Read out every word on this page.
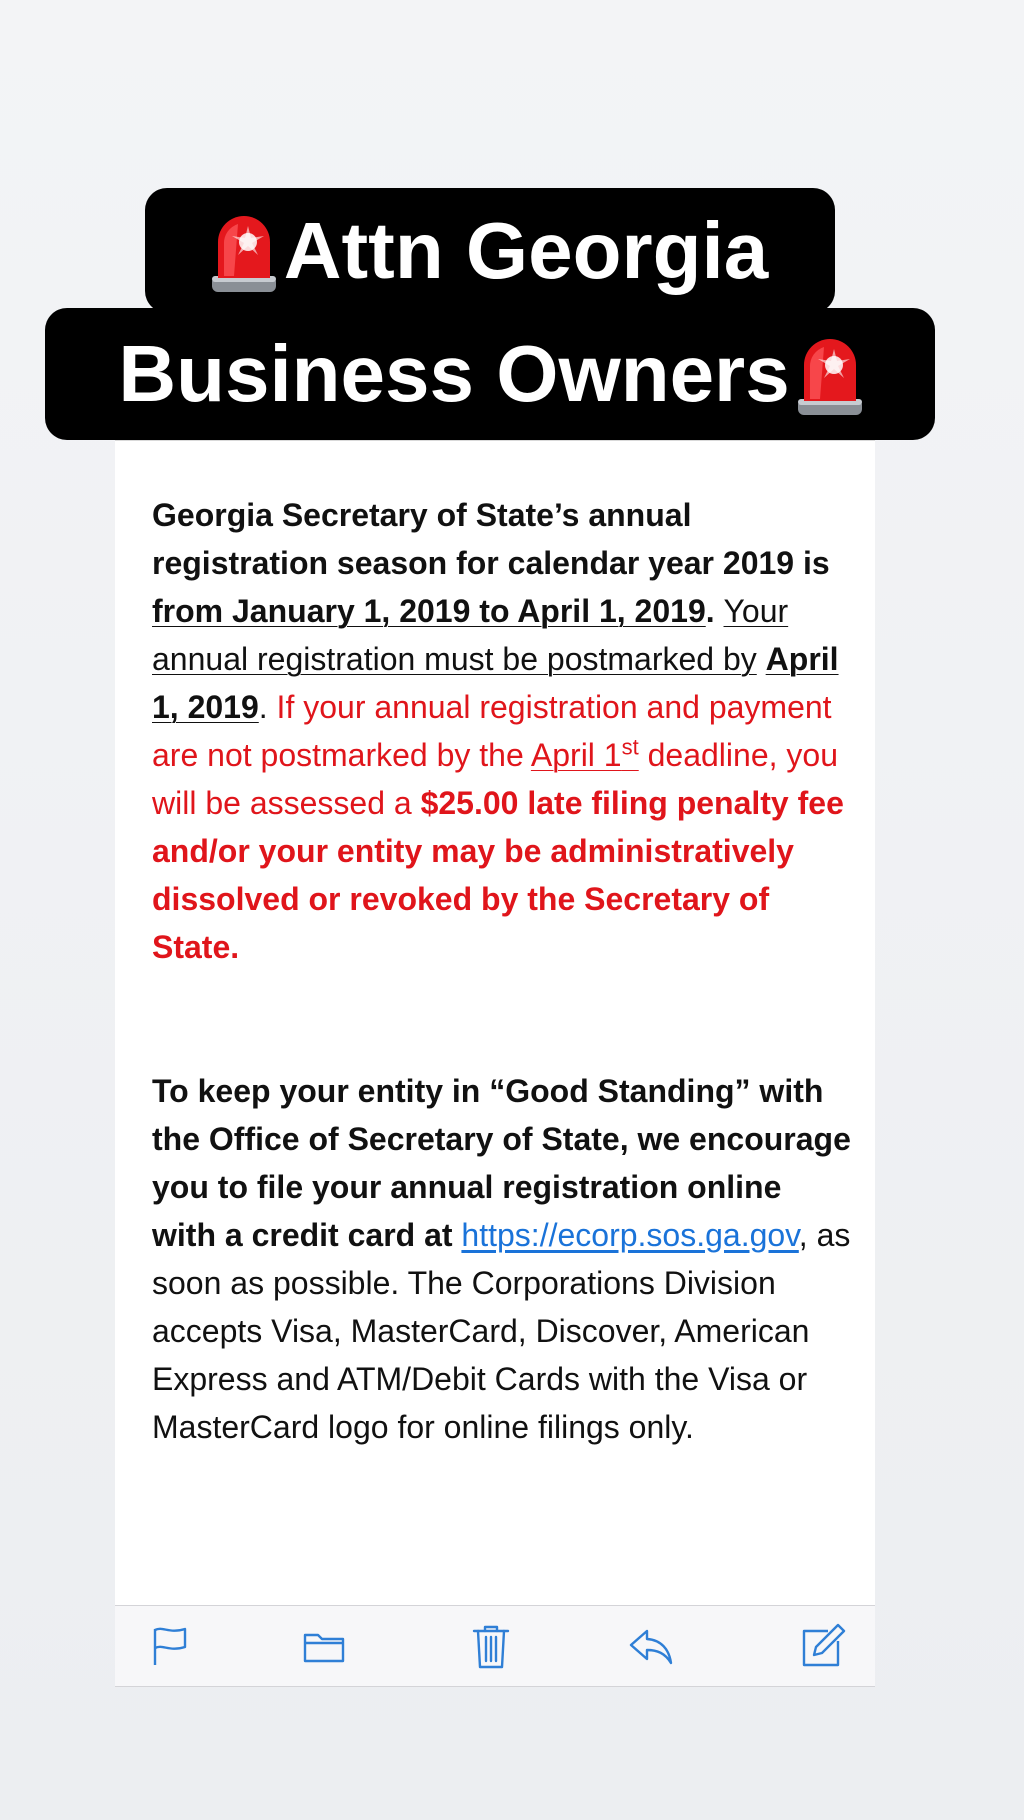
Attn Georgia
Business Owners

Georgia Secretary of State’s annual registration season for calendar year 2019 is from January 1, 2019 to April 1, 2019. Your annual registration must be postmarked by April 1, 2019. If your annual registration and payment are not postmarked by the April 1st deadline, you will be assessed a $25.00 late filing penalty fee and/or your entity may be administratively dissolved or revoked by the Secretary of State.

To keep your entity in “Good Standing” with the Office of Secretary of State, we encourage you to file your annual registration online with a credit card at https://ecorp.sos.ga.gov, as soon as possible. The Corporations Division accepts Visa, MasterCard, Discover, American Express and ATM/Debit Cards with the Visa or MasterCard logo for online filings only.
